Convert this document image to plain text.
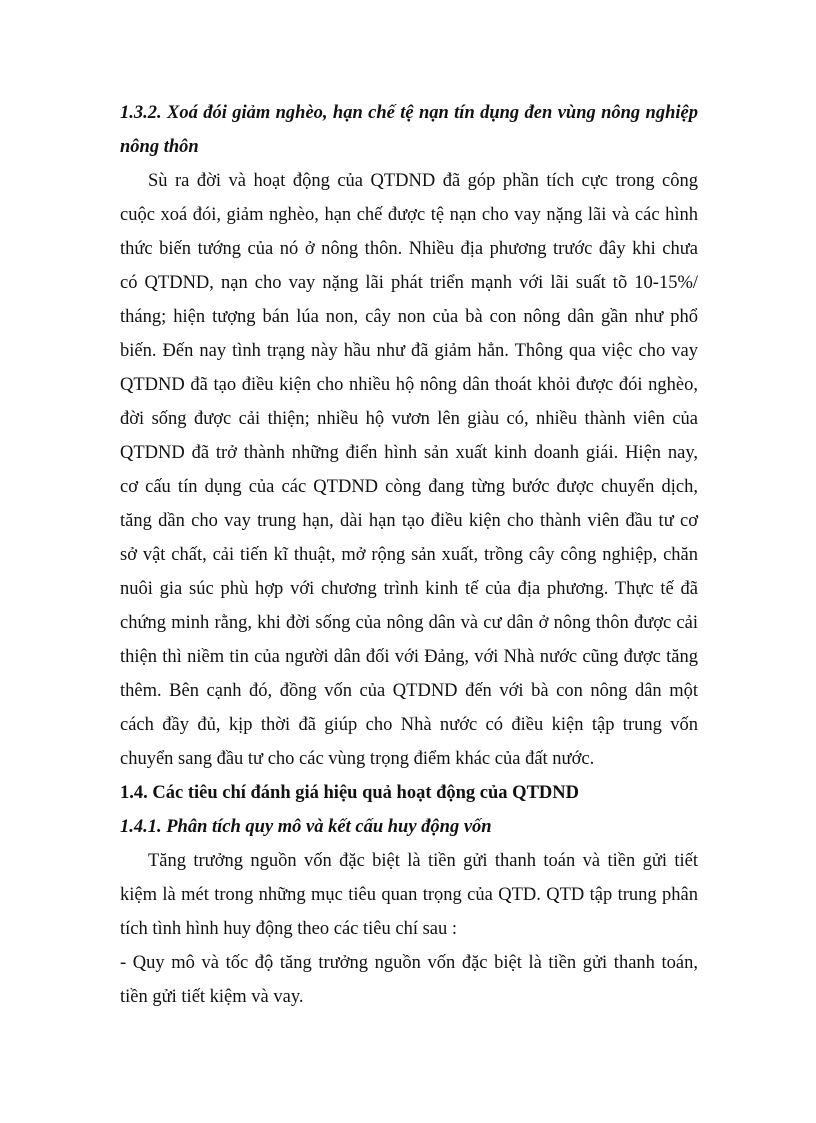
1.3.2. Xoá đói giảm nghèo, hạn chế tệ nạn tín dụng đen vùng nông nghiệp
nông thôn
Sù ra đời và hoạt động của QTDND đã góp phần tích cực trong công
cuộc xoá đói, giảm nghèo, hạn chế được tệ nạn cho vay nặng lãi và các hình
thức biến tướng của nó ở nông thôn. Nhiều địa phương trước đây khi chưa
có QTDND, nạn cho vay nặng lãi phát triển mạnh với lãi suất tõ 10-15%/
tháng; hiện tượng bán lúa non, cây non của bà con nông dân gần như phổ
biến. Đến nay tình trạng này hầu như đã giảm hẳn. Thông qua việc cho vay
QTDND đã tạo điều kiện cho nhiều hộ nông dân thoát khỏi được đói nghèo,
đời sống được cải thiện; nhiều hộ vươn lên giàu có, nhiều thành viên của
QTDND đã trở thành những điển hình sản xuất kinh doanh giái. Hiện nay,
cơ cấu tín dụng của các QTDND còng đang từng bước được chuyển dịch,
tăng dần cho vay trung hạn, dài hạn tạo điều kiện cho thành viên đầu tư cơ
sở vật chất, cải tiến kĩ thuật, mở rộng sản xuất, trồng cây công nghiệp, chăn
nuôi gia súc phù hợp với chương trình kinh tế của địa phương. Thực tế đã
chứng minh rằng, khi đời sống của nông dân và cư dân ở nông thôn được cải
thiện thì niềm tin của người dân đối với Đảng, với Nhà nước cũng được tăng
thêm. Bên cạnh đó, đồng vốn của QTDND đến với bà con nông dân một
cách đầy đủ, kịp thời đã giúp cho Nhà nước có điều kiện tập trung vốn
chuyển sang đầu tư cho các vùng trọng điểm khác của đất nước.
1.4. Các tiêu chí đánh giá hiệu quả hoạt động của QTDND
1.4.1. Phân tích quy mô và kết cấu huy động vốn
Tăng trưởng nguồn vốn đặc biệt là tiền gửi thanh toán và tiền gửi tiết
kiệm là mét trong những mục tiêu quan trọng của QTD. QTD tập trung phân
tích tình hình huy động theo các tiêu chí sau :
- Quy mô và tốc độ tăng trưởng nguồn vốn đặc biệt là tiền gửi thanh toán,
tiền gửi tiết kiệm và vay.
